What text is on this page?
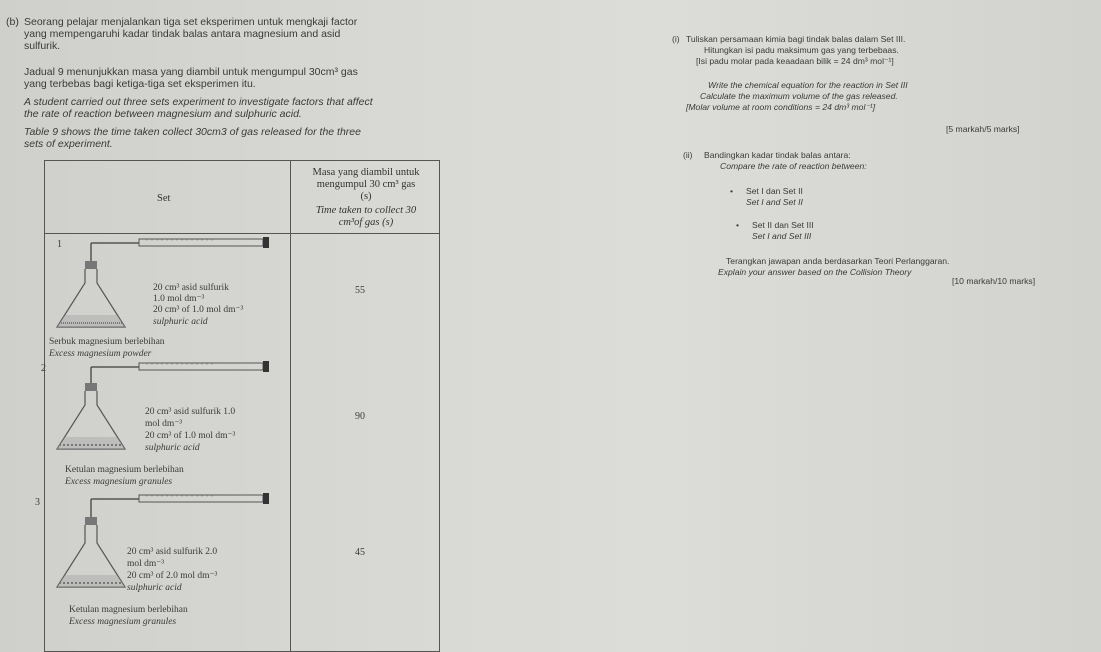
(b) Seorang pelajar menjalankan tiga set eksperimen untuk mengkaji factor
yang mempengaruhi kadar tindak balas antara magnesium and asid
sulfurik.
Jadual 9 menunjukkan masa yang diambil untuk mengumpul 30cm³ gas
yang terbebas bagi ketiga-tiga set eksperimen itu.
A student carried out three sets experiment to investigate factors that affect
the rate of reaction between magnesium and sulphuric acid.
Table 9 shows the time taken collect 30cm3 of gas released for the three
sets of experiment.
Set
Masa yang diambil untuk
mengumpul 30 cm³ gas
(s)
Time taken to collect 30
cm³of gas (s)
1
20 cm³ asid sulfurik
1.0 mol dm⁻³
20 cm³ of 1.0 mol dm⁻³
sulphuric acid
Serbuk magnesium berlebihan
Excess magnesium powder
55
2
20 cm³ asid sulfurik 1.0
mol dm⁻³
20 cm³ of 1.0 mol dm⁻³
sulphuric acid
Ketulan magnesium berlebihan
Excess magnesium granules
90
3
20 cm³ asid sulfurik 2.0
mol dm⁻³
20 cm³ of 2.0 mol dm⁻³
sulphuric acid
Ketulan magnesium berlebihan
Excess magnesium granules
45
(i) Tuliskan persamaan kimia bagi tindak balas dalam Set III.
Hitungkan isi padu maksimum gas yang terbebaas.
[Isi padu molar pada keaadaan bilik = 24 dm³ mol⁻¹]
Write the chemical equation for the reaction in Set III
Calculate the maximum volume of the gas released.
[Molar volume at room conditions = 24 dm³ mol⁻¹]
[5 markah/5 marks]
(ii) Bandingkan kadar tindak balas antara:
Compare the rate of reaction between:
• Set I dan Set II
Set I and Set II
• Set II dan Set III
Set I and Set III
Terangkan jawapan anda berdasarkan Teori Perlanggaran.
Explain your answer based on the Collision Theory
[10 markah/10 marks]
